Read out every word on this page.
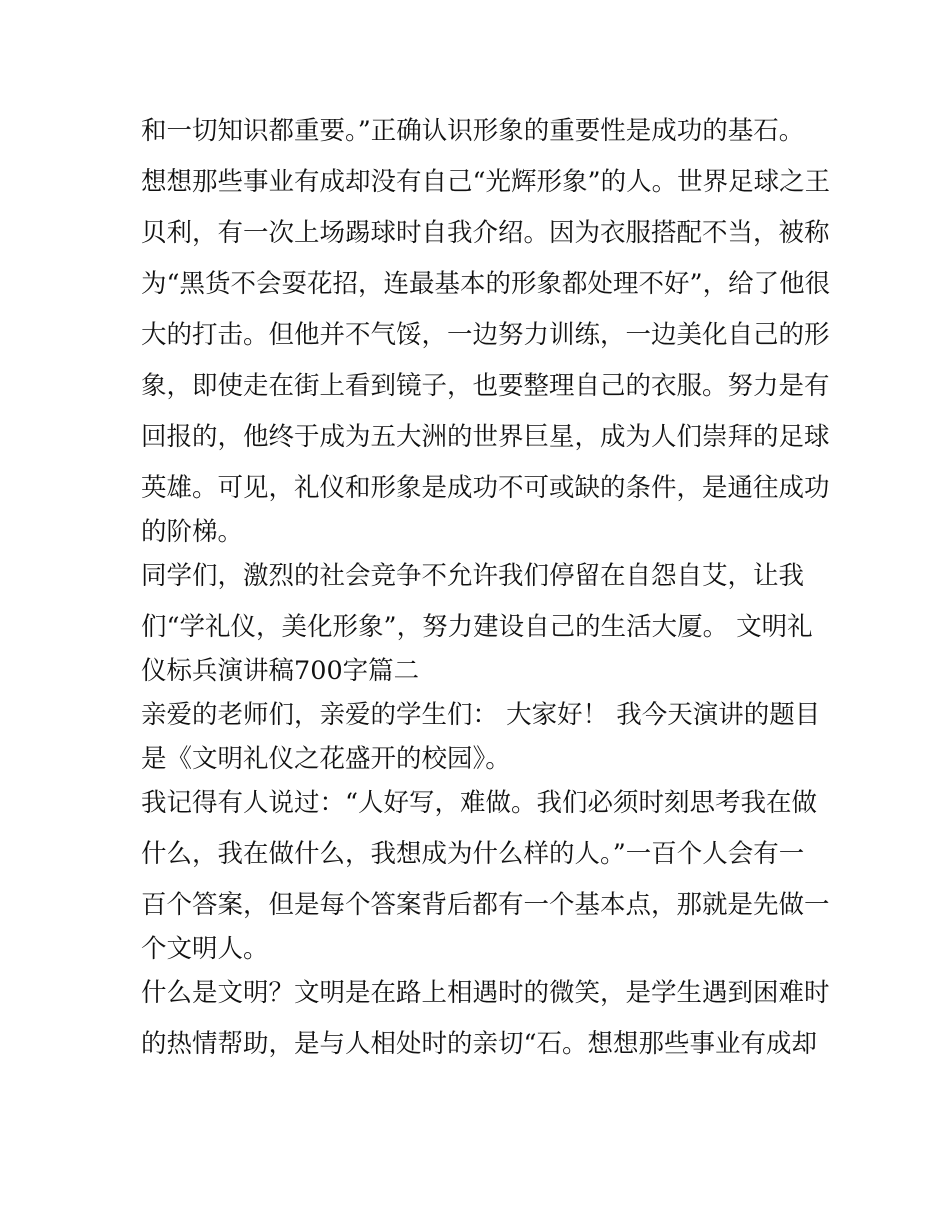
和一切知识都重要。”正确认识形象的重要性是成功的基石。
想想那些事业有成却没有自己“光辉形象”的人。世界足球之王
贝利，有一次上场踢球时自我介绍。因为衣服搭配不当，被称
为“黑货不会耍花招，连最基本的形象都处理不好”，给了他很
大的打击。但他并不气馁，一边努力训练，一边美化自己的形
象，即使走在街上看到镜子，也要整理自己的衣服。努力是有
回报的，他终于成为五大洲的世界巨星，成为人们崇拜的足球
英雄。可见，礼仪和形象是成功不可或缺的条件，是通往成功
的阶梯。
同学们，激烈的社会竞争不允许我们停留在自怨自艾，让我
们“学礼仪，美化形象”，努力建设自己的生活大厦。 文明礼
仪标兵演讲稿700字篇二
亲爱的老师们，亲爱的学生们： 大家好！ 我今天演讲的题目
是《文明礼仪之花盛开的校园》。
我记得有人说过：“人好写，难做。我们必须时刻思考我在做
什么，我在做什么，我想成为什么样的人。”一百个人会有一
百个答案，但是每个答案背后都有一个基本点，那就是先做一
个文明人。
什么是文明？文明是在路上相遇时的微笑，是学生遇到困难时
的热情帮助，是与人相处时的亲切“石。想想那些事业有成却
